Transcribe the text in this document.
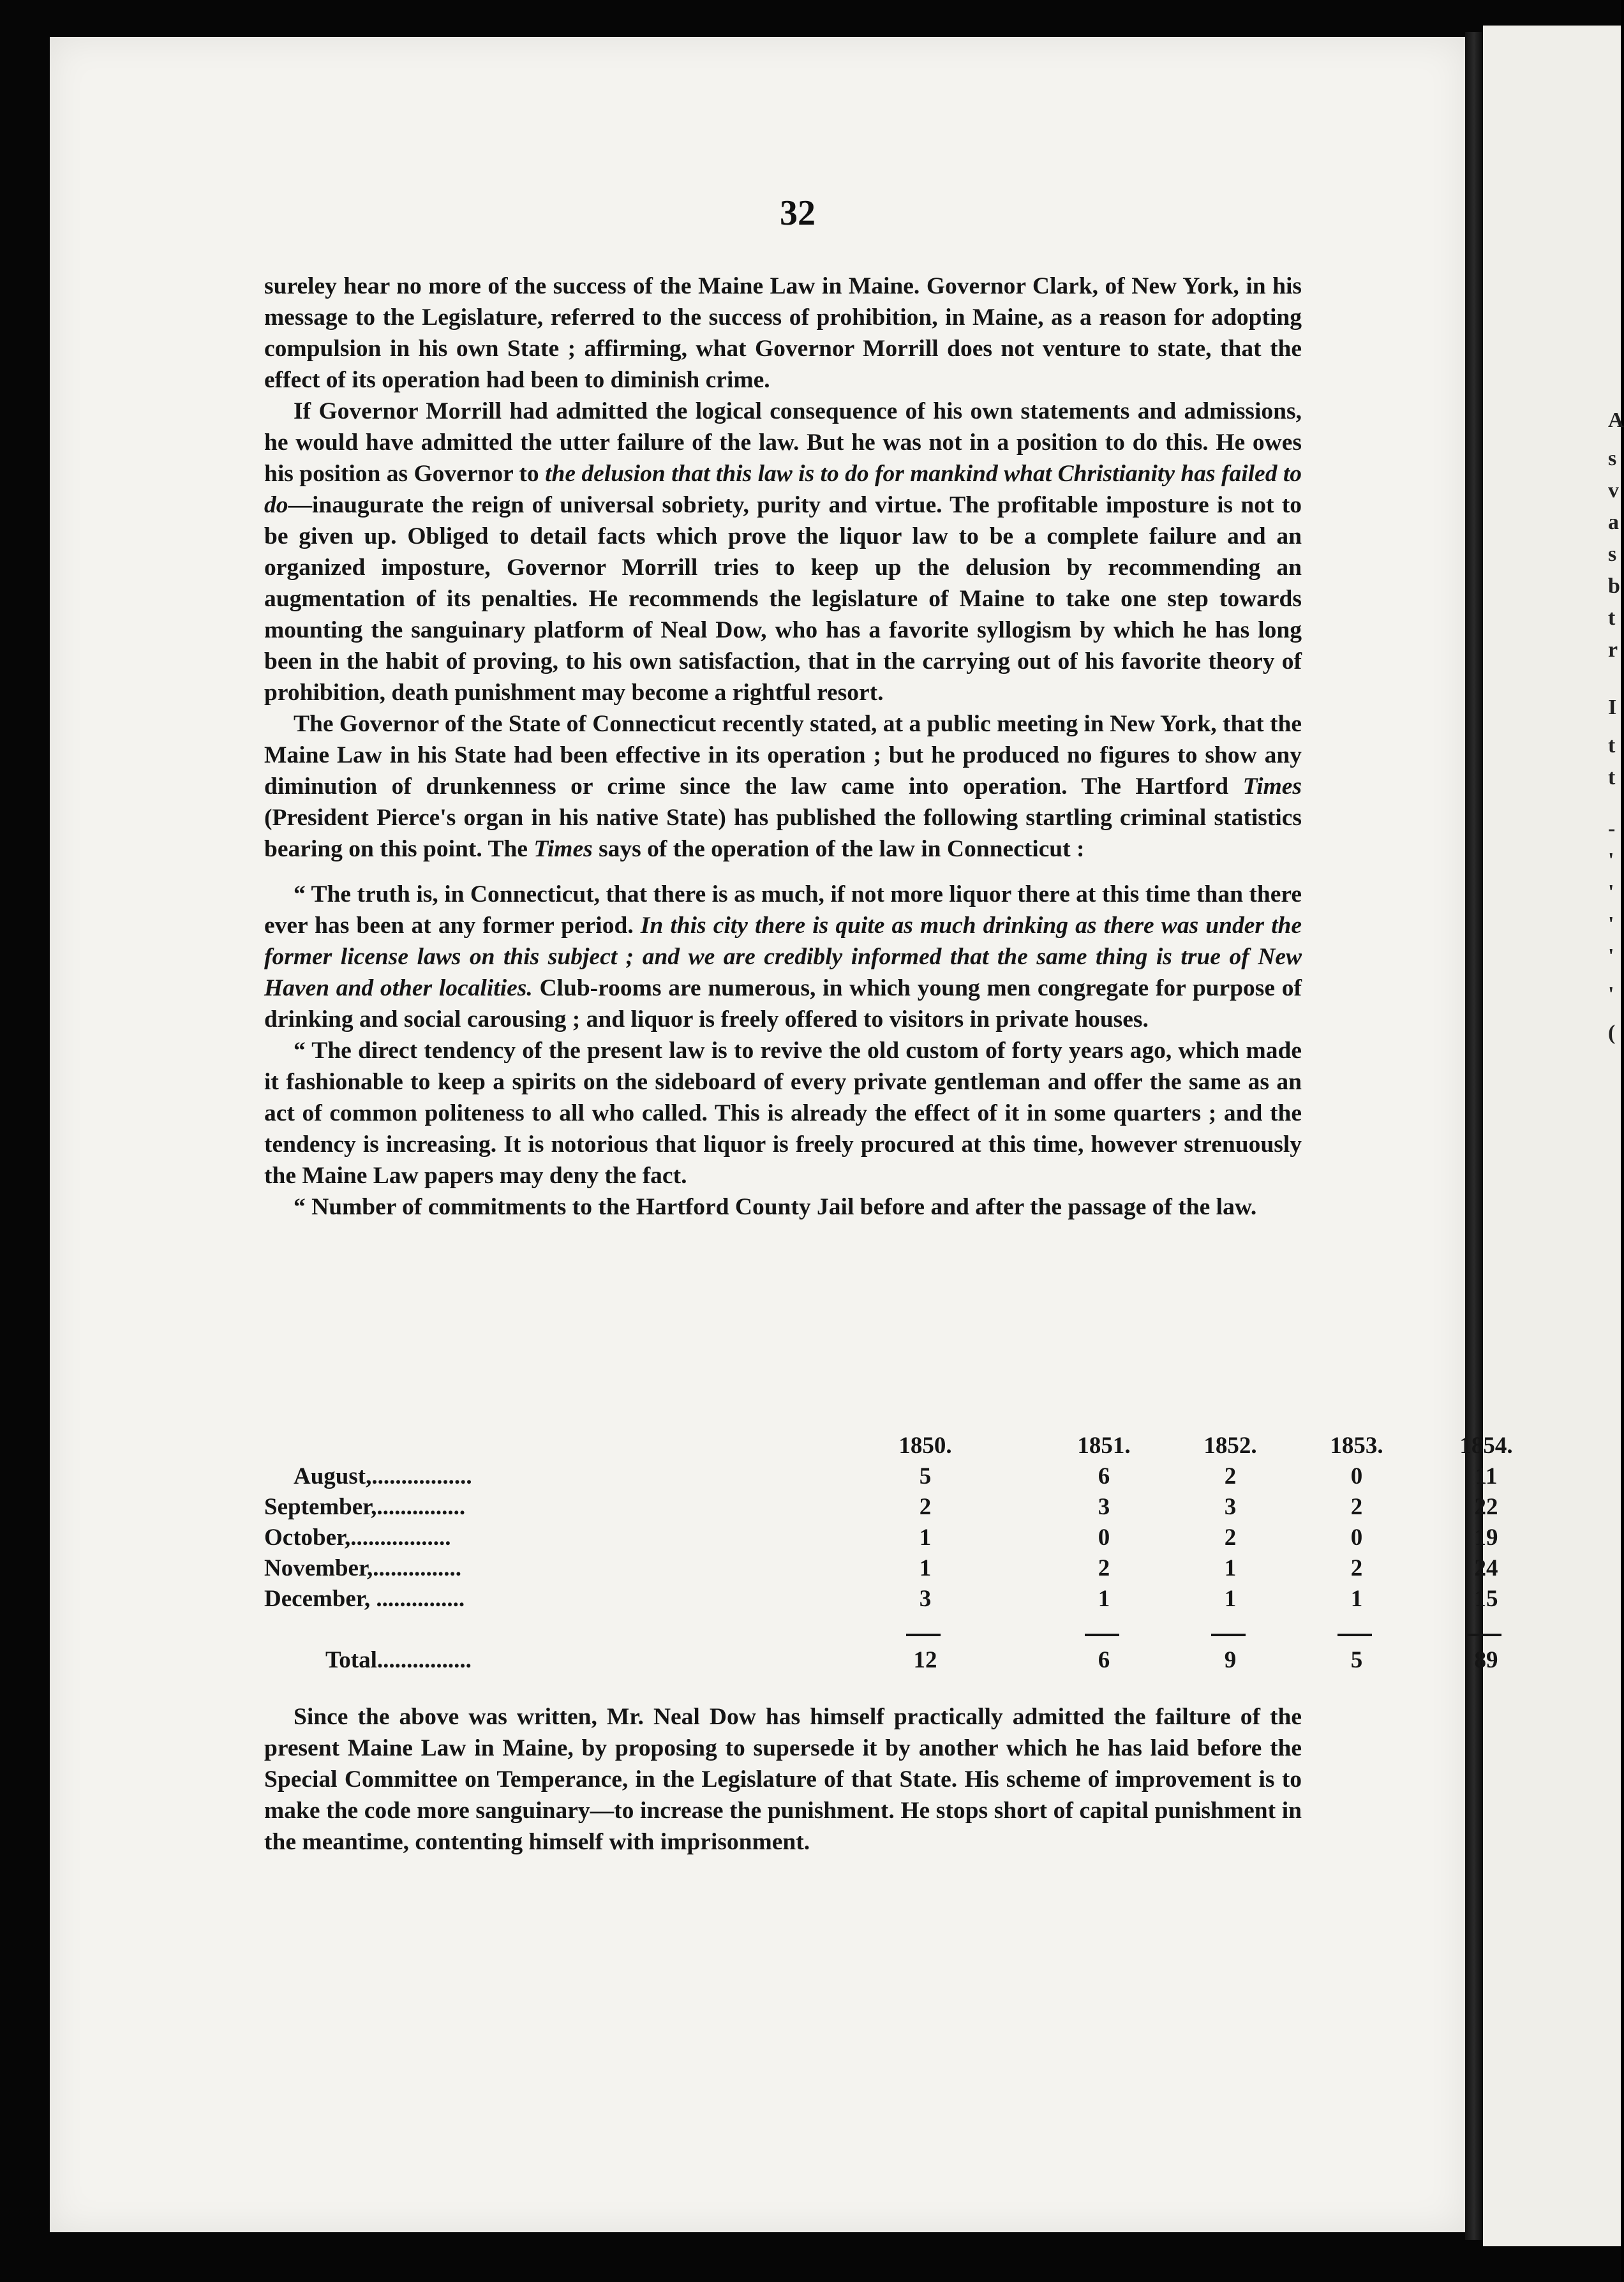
A
s
v
a
s
b
t
r
I
t
t
-
'
'
'
'
'
(
32

sureley hear no more of the success of the Maine Law in Maine. Governor Clark, of New York, in his message to the Legislature, referred to the success of prohibition, in Maine, as a reason for adopting compulsion in his own State ; affirming, what Governor Morrill does not venture to state, that the effect of its operation had been to diminish crime.

If Governor Morrill had admitted the logical consequence of his own statements and admissions, he would have admitted the utter failure of the law. But he was not in a position to do this. He owes his position as Governor to the delusion that this law is to do for mankind what Christianity has failed to do—inaugurate the reign of universal sobriety, purity and virtue. The profitable imposture is not to be given up. Obliged to detail facts which prove the liquor law to be a complete failure and an organized imposture, Governor Morrill tries to keep up the delusion by recommending an augmentation of its penalties. He recommends the legislature of Maine to take one step towards mounting the sanguinary platform of Neal Dow, who has a favorite syllogism by which he has long been in the habit of proving, to his own satisfaction, that in the carrying out of his favorite theory of prohibition, death punishment may become a rightful resort.

The Governor of the State of Connecticut recently stated, at a public meeting in New York, that the Maine Law in his State had been effective in its operation ; but he produced no figures to show any diminution of drunkenness or crime since the law came into operation. The Hartford Times (President Pierce's organ in his native State) has published the following startling criminal statistics bearing on this point. The Times says of the operation of the law in Connecticut :

“ The truth is, in Connecticut, that there is as much, if not more liquor there at this time than there ever has been at any former period. In this city there is quite as much drinking as there was under the former license laws on this subject ; and we are credibly informed that the same thing is true of New Haven and other localities. Club-rooms are numerous, in which young men congregate for purpose of drinking and social carousing ; and liquor is freely offered to visitors in private houses.

“ The direct tendency of the present law is to revive the old custom of forty years ago, which made it fashionable to keep a spirits on the sideboard of every private gentleman and offer the same as an act of common politeness to all who called. This is already the effect of it in some quarters ; and the tendency is increasing. It is notorious that liquor is freely procured at this time, however strenuously the Maine Law papers may deny the fact.

“ Number of commitments to the Hartford County Jail before and after the passage of the law.

1850.	1851.	1852.	1853.	1854.
August,.................	5	6	2	0	11
September,...............	2	3	3	2	22
October,.................	1	0	2	0	19
November,...............	1	2	1	2	24
December, ...............	3	1	1	1	15
Total................	12	6	9	5	89

Since the above was written, Mr. Neal Dow has himself practically admitted the failture of the present Maine Law in Maine, by proposing to supersede it by another which he has laid before the Special Committee on Temperance, in the Legislature of that State. His scheme of improvement is to make the code more sanguinary—to increase the punishment. He stops short of capital punishment in the meantime, contenting himself with imprisonment.
